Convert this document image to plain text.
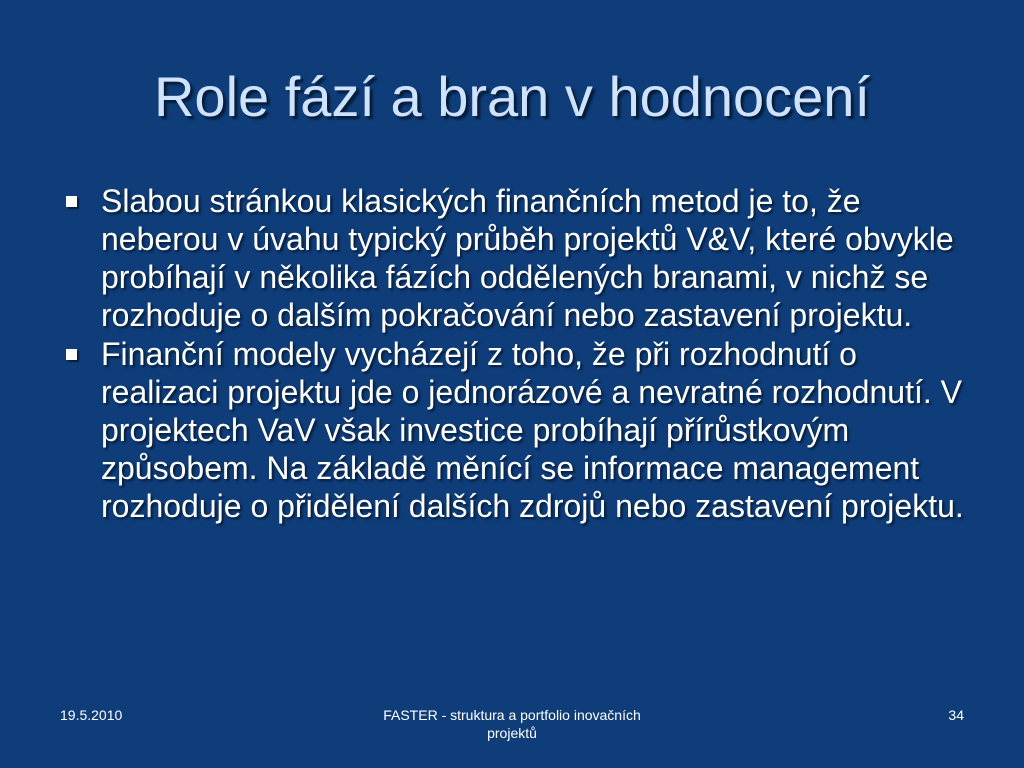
Role fází a bran v hodnocení
Slabou stránkou klasických finančních metod je to, že neberou v úvahu typický průběh projektů V&V, které obvykle probíhají v několika fázích oddělených branami, v nichž se rozhoduje o dalším pokračování nebo zastavení projektu.
Finanční modely vycházejí z toho, že při rozhodnutí o realizaci projektu jde o jednorázové a nevratné rozhodnutí. V projektech VaV však investice probíhají přírůstkovým způsobem. Na základě měnící se informace management rozhoduje o přidělení dalších zdrojů nebo zastavení projektu.
19.5.2010	FASTER - struktura a portfolio inovačních
projektů
34
